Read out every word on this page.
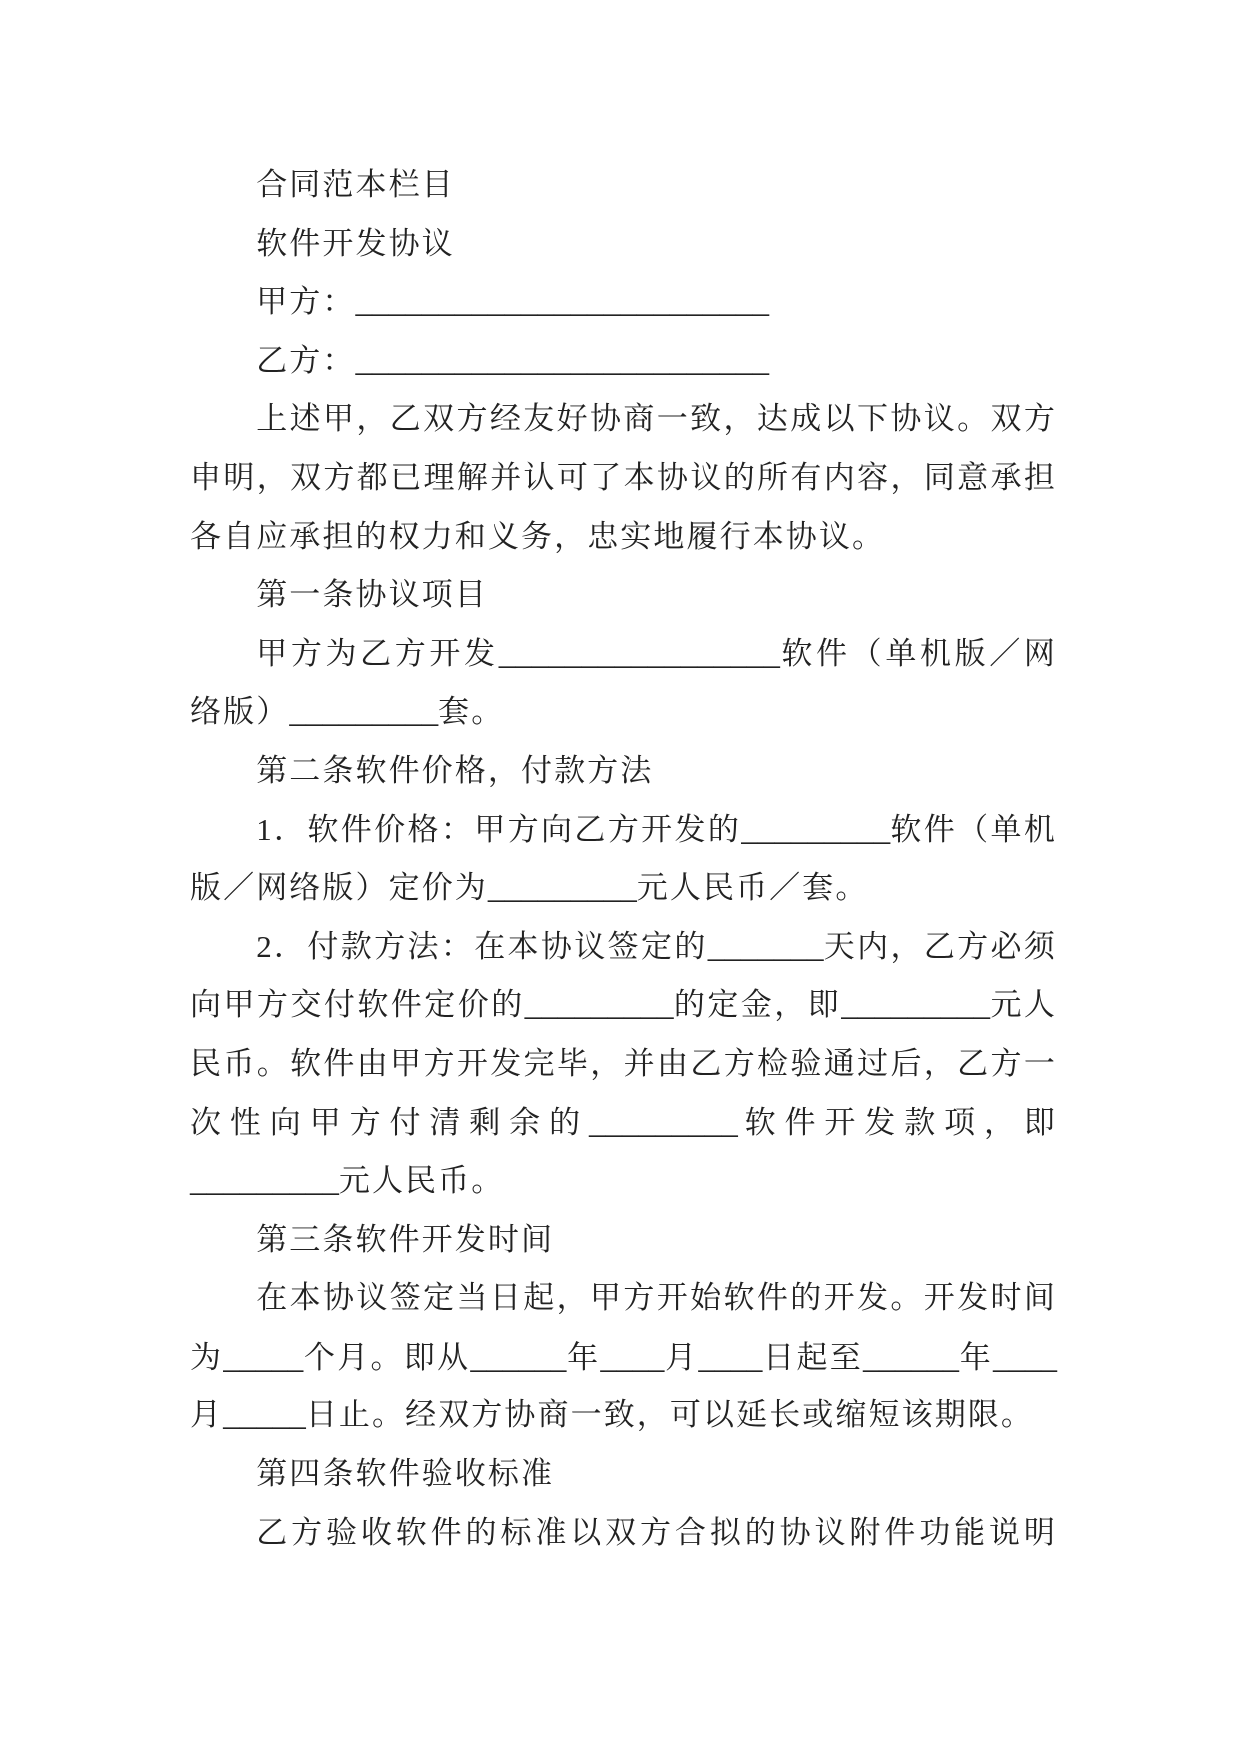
合同范本栏目
软件开发协议
甲方：_________________________
乙方：_________________________
上述甲，乙双方经友好协商一致，达成以下协议。双方
申明，双方都已理解并认可了本协议的所有内容，同意承担
各自应承担的权力和义务，忠实地履行本协议。
第一条协议项目
甲方为乙方开发_________________软件（单机版／网
络版）_________套。
第二条软件价格，付款方法
1．软件价格：甲方向乙方开发的_________软件（单机
版／网络版）定价为_________元人民币／套。
2．付款方法：在本协议签定的_______天内，乙方必须
向甲方交付软件定价的_________的定金，即_________元人
民币。软件由甲方开发完毕，并由乙方检验通过后，乙方一
次性向甲方付清剩余的_________软件开发款项，即
_________元人民币。
第三条软件开发时间
在本协议签定当日起，甲方开始软件的开发。开发时间
为_____个月。即从______年____月____日起至______年____
月_____日止。经双方协商一致，可以延长或缩短该期限。
第四条软件验收标准
乙方验收软件的标准以双方合拟的协议附件功能说明
